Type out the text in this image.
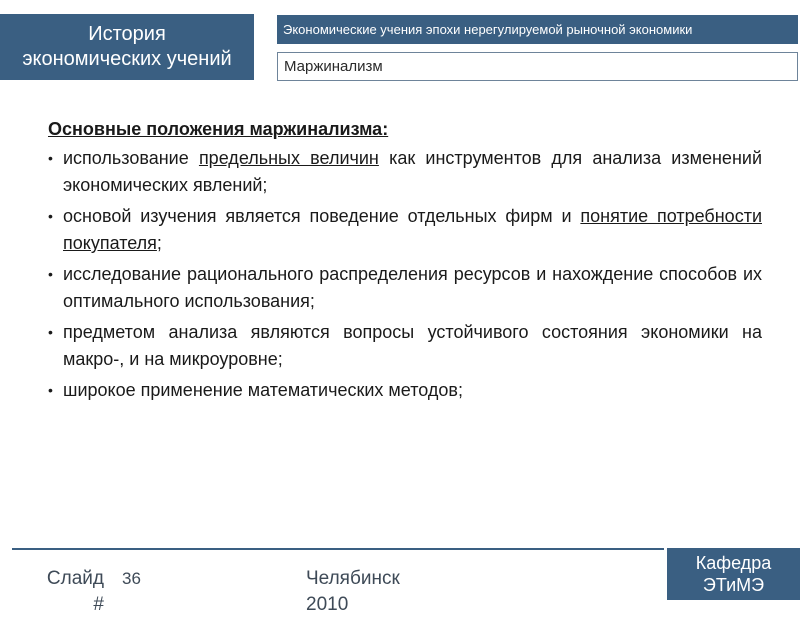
История
экономических учений
Экономические учения эпохи нерегулируемой рыночной экономики
Маржинализм
Основные положения маржинализма:
• использование предельных величин как инструментов для анализа изменений экономических явлений;
• основой изучения является поведение отдельных фирм и понятие потребности покупателя;
• исследование рационального распределения ресурсов и нахождение способов их оптимального использования;
• предметом анализа являются вопросы устойчивого состояния экономики на макро-, и на микроуровне;
• широкое применение математических методов;
Слайд #
36	Челябинск 2010
Кафедра
ЭТиМЭ
